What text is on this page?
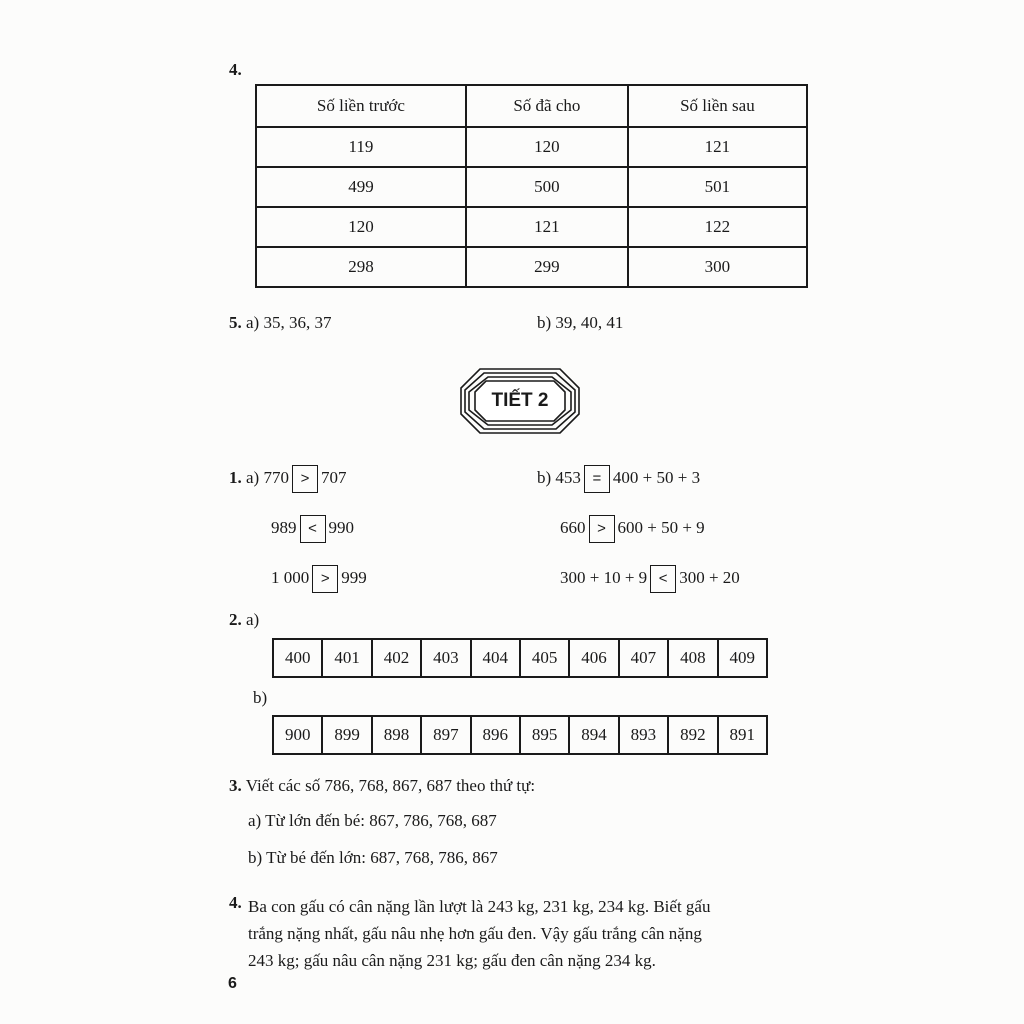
4.
Số liền trước	Số đã cho	Số liền sau
119	120	121
499	500	501
120	121	122
298	299	300
5. a) 35, 36, 37	b) 39, 40, 41
TIẾT 2
1. a) 770 > 707
989 < 990
1 000 > 999
b) 453 = 400 + 50 + 3
660 > 600 + 50 + 9
300 + 10 + 9 < 300 + 20
2. a)
400	401	402	403	404	405	406	407	408	409
b)
900	899	898	897	896	895	894	893	892	891
3. Viết các số 786, 768, 867, 687 theo thứ tự:
a) Từ lớn đến bé: 867, 786, 768, 687
b) Từ bé đến lớn: 687, 768, 786, 867
4. Ba con gấu có cân nặng lần lượt là 243 kg, 231 kg, 234 kg. Biết gấu
trắng nặng nhất, gấu nâu nhẹ hơn gấu đen. Vậy gấu trắng cân nặng
243 kg; gấu nâu cân nặng 231 kg; gấu đen cân nặng 234 kg.
6
